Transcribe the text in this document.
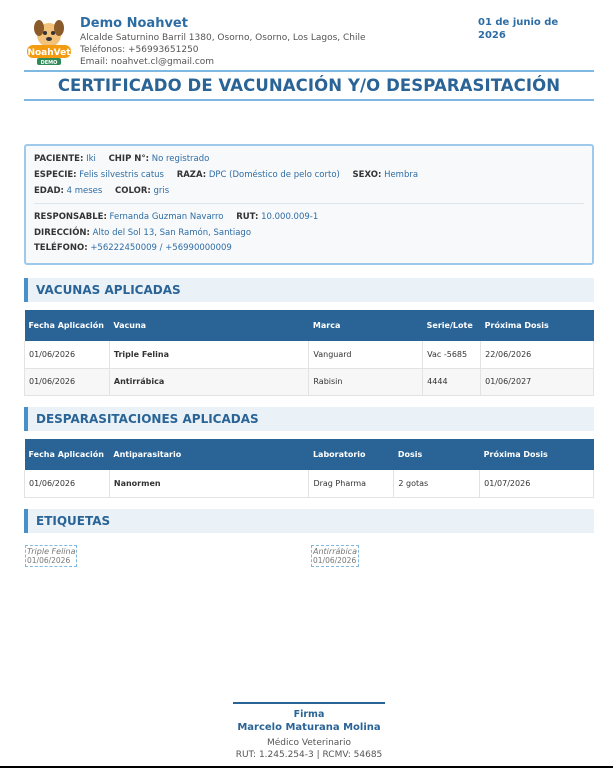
NoahVet
DEMO
Demo Noahvet
Alcalde Saturnino Barril 1380, Osorno, Osorno, Los Lagos, Chile
Teléfonos: +56993651250
Email: noahvet.cl@gmail.com
01 de junio de 2026
CERTIFICADO DE VACUNACIÓN Y/O DESPARASITACIÓN
PACIENTE: Iki CHIP N°: No registrado
ESPECIE: Felis silvestris catus RAZA: DPC (Doméstico de pelo corto) SEXO: Hembra
EDAD: 4 meses COLOR: gris
RESPONSABLE: Fernanda Guzman Navarro RUT: 10.000.009-1
DIRECCIÓN: Alto del Sol 13, San Ramón, Santiago
TELÉFONO: +56222450009 / +56990000009
VACUNAS APLICADAS
Fecha Aplicación	Vacuna	Marca	Serie/Lote	Próxima Dosis
01/06/2026	Triple Felina	Vanguard	Vac -5685	22/06/2026
01/06/2026	Antirrábica	Rabisin	4444	01/06/2027
DESPARASITACIONES APLICADAS
Fecha Aplicación	Antiparasitario	Laboratorio	Dosis	Próxima Dosis
01/06/2026	Nanormen	Drag Pharma	2 gotas	01/07/2026
ETIQUETAS
Triple Felina
01/06/2026
Antirrábica
01/06/2026
Firma
Marcelo Maturana Molina
Médico Veterinario
RUT: 1.245.254-3 | RCMV: 54685
